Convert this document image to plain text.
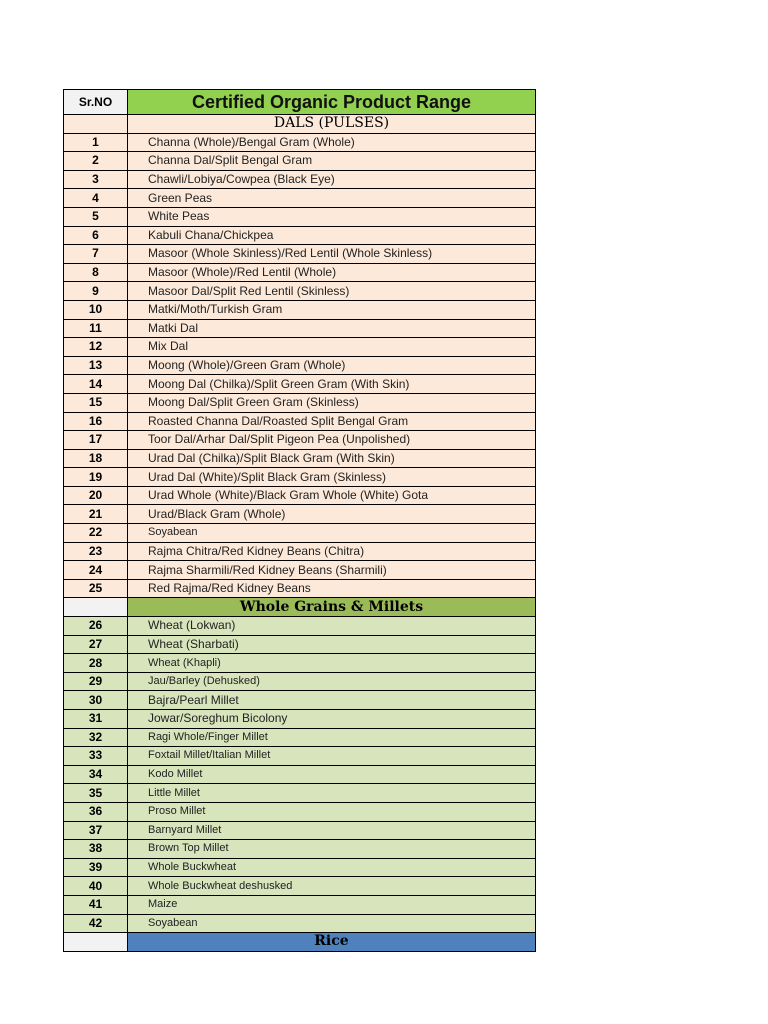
Sr.NO	Certified Organic Product Range
	DALS (PULSES)
1	Channa (Whole)/Bengal Gram (Whole)
2	Channa Dal/Split Bengal Gram
3	Chawli/Lobiya/Cowpea (Black Eye)
4	Green Peas
5	White Peas
6	Kabuli Chana/Chickpea
7	Masoor (Whole Skinless)/Red Lentil (Whole Skinless)
8	Masoor (Whole)/Red Lentil (Whole)
9	Masoor Dal/Split Red Lentil (Skinless)
10	Matki/Moth/Turkish Gram
11	Matki Dal
12	Mix Dal
13	Moong (Whole)/Green Gram (Whole)
14	Moong Dal (Chilka)/Split Green Gram (With Skin)
15	Moong Dal/Split Green Gram (Skinless)
16	Roasted Channa Dal/Roasted Split Bengal Gram
17	Toor Dal/Arhar Dal/Split Pigeon Pea (Unpolished)
18	Urad Dal (Chilka)/Split Black Gram (With Skin)
19	Urad Dal (White)/Split Black Gram (Skinless)
20	Urad Whole (White)/Black Gram Whole (White) Gota
21	Urad/Black Gram (Whole)
22	Soyabean
23	Rajma Chitra/Red Kidney Beans (Chitra)
24	Rajma Sharmili/Red Kidney Beans (Sharmili)
25	Red Rajma/Red Kidney Beans
	Whole Grains & Millets
26	Wheat (Lokwan)
27	Wheat (Sharbati)
28	Wheat (Khapli)
29	Jau/Barley (Dehusked)
30	Bajra/Pearl Millet
31	Jowar/Soreghum Bicolony
32	Ragi Whole/Finger Millet
33	Foxtail Millet/Italian Millet
34	Kodo Millet
35	Little Millet
36	Proso Millet
37	Barnyard Millet
38	Brown Top Millet
39	Whole Buckwheat
40	Whole Buckwheat deshusked
41	Maize
42	Soyabean
	Rice
